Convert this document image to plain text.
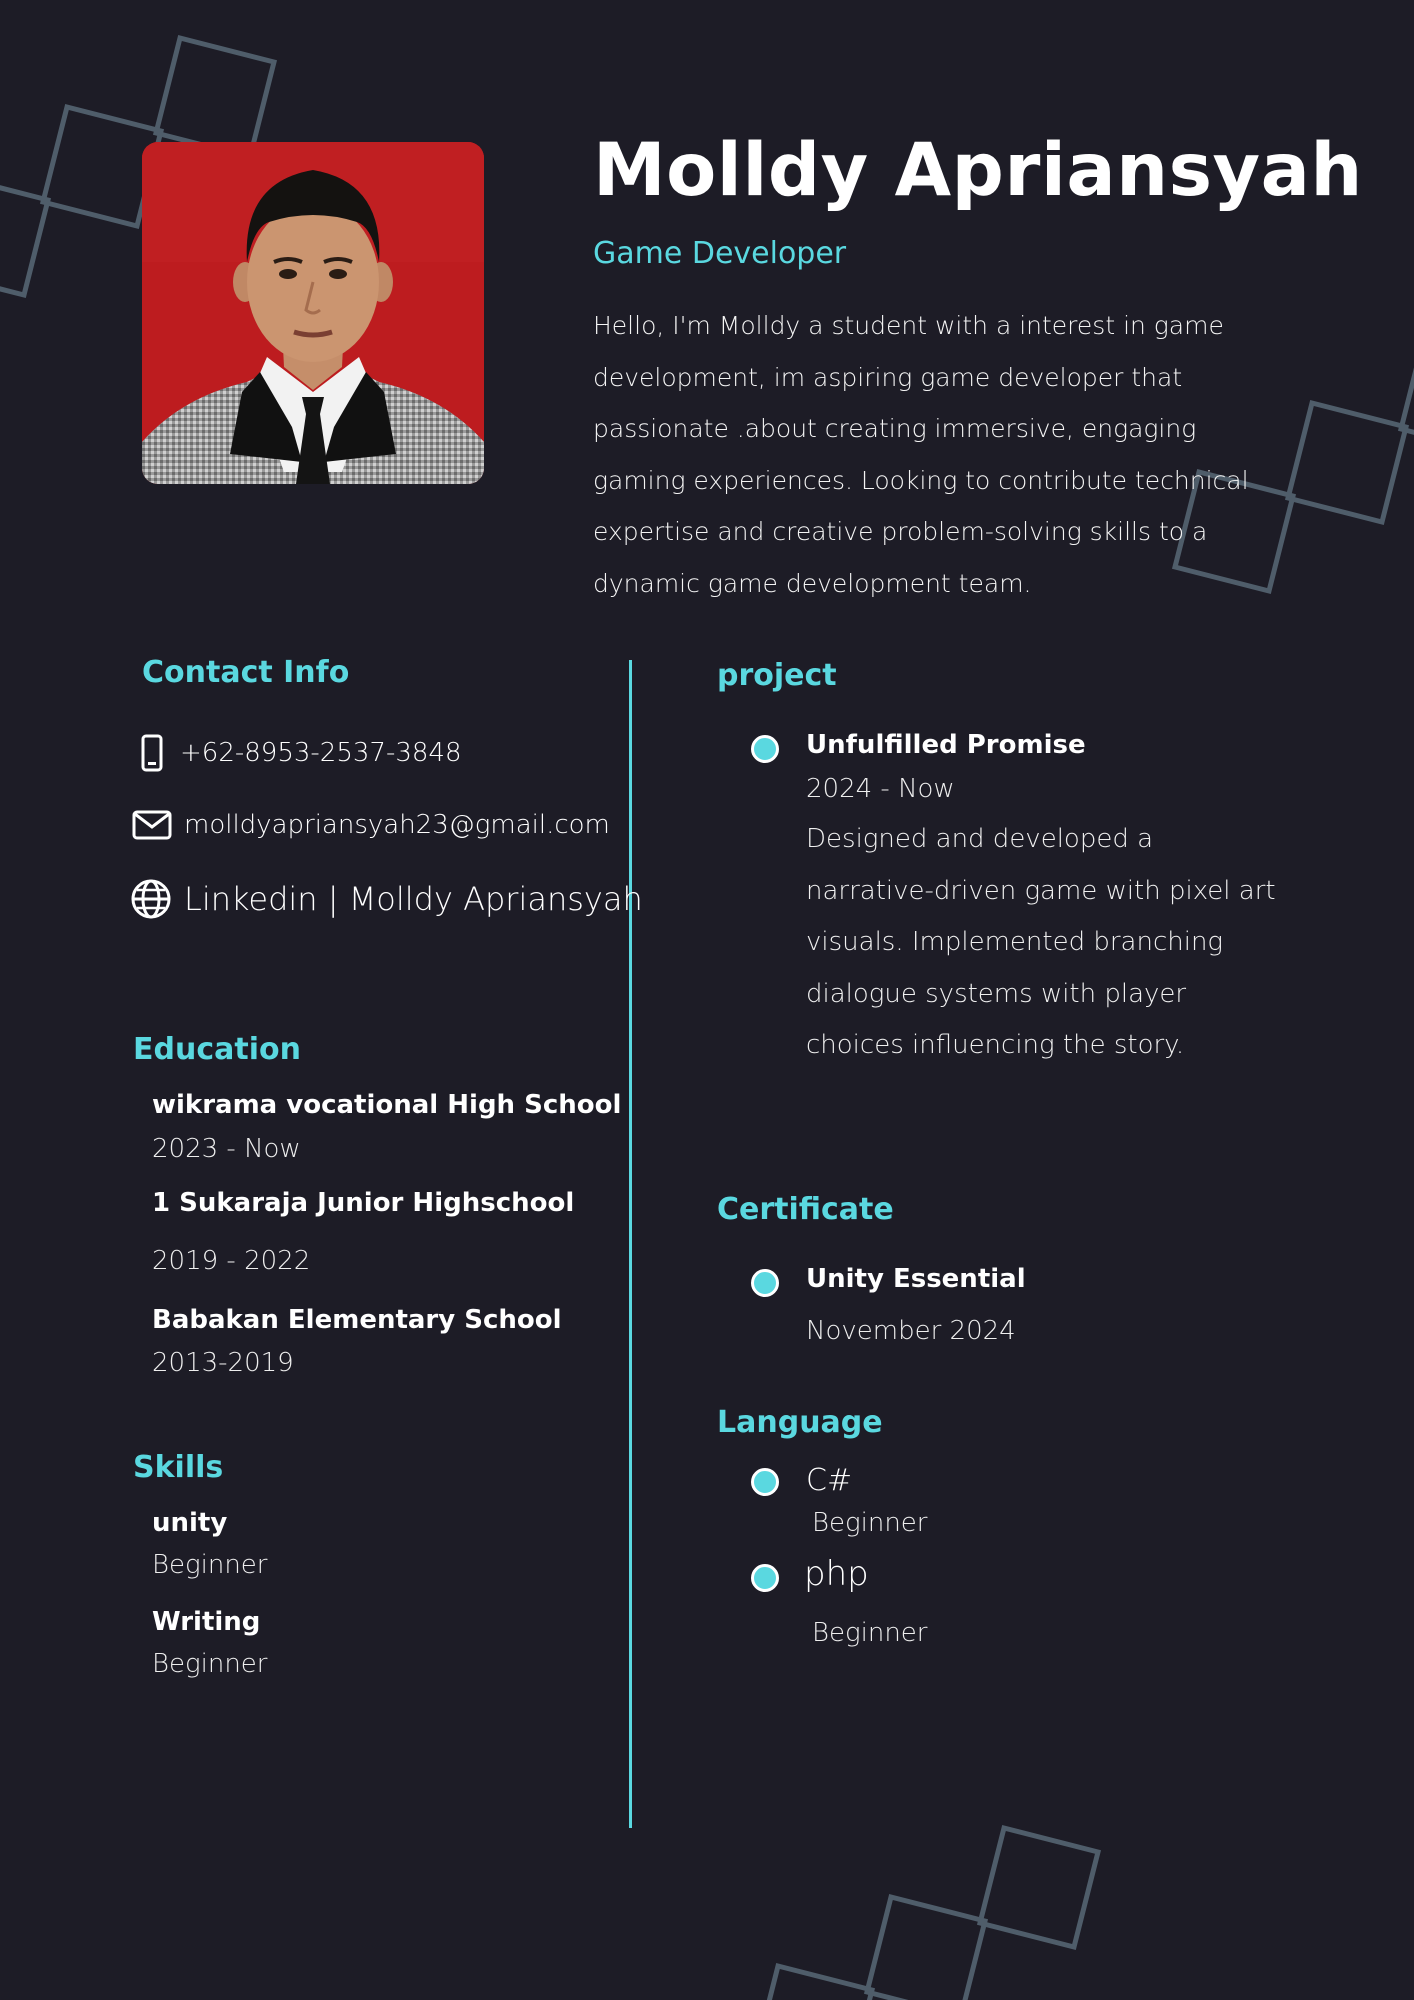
Molldy Apriansyah

Game Developer

Hello, I'm Molldy a student with a interest in game
development, im aspiring game developer that
passionate .about creating immersive, engaging
gaming experiences. Looking to contribute technical
expertise and creative problem-solving skills to a
dynamic game development team.

Contact Info
+62-8953-2537-3848
molldyapriansyah23@gmail.com
Linkedin | Molldy Apriansyah
Education

wikrama vocational High School

2023 - Now

1 Sukaraja Junior Highschool

2019 - 2022

Babakan Elementary School

2013-2019

Skills

unity

Beginner

Writing

Beginner

project

Unfulfilled Promise

2024 - Now

Designed and developed a
narrative-driven game with pixel art
visuals. Implemented branching
dialogue systems with player
choices influencing the story.

Certificate

Unity Essential

November 2024

Language

C#

Beginner

php

Beginner
